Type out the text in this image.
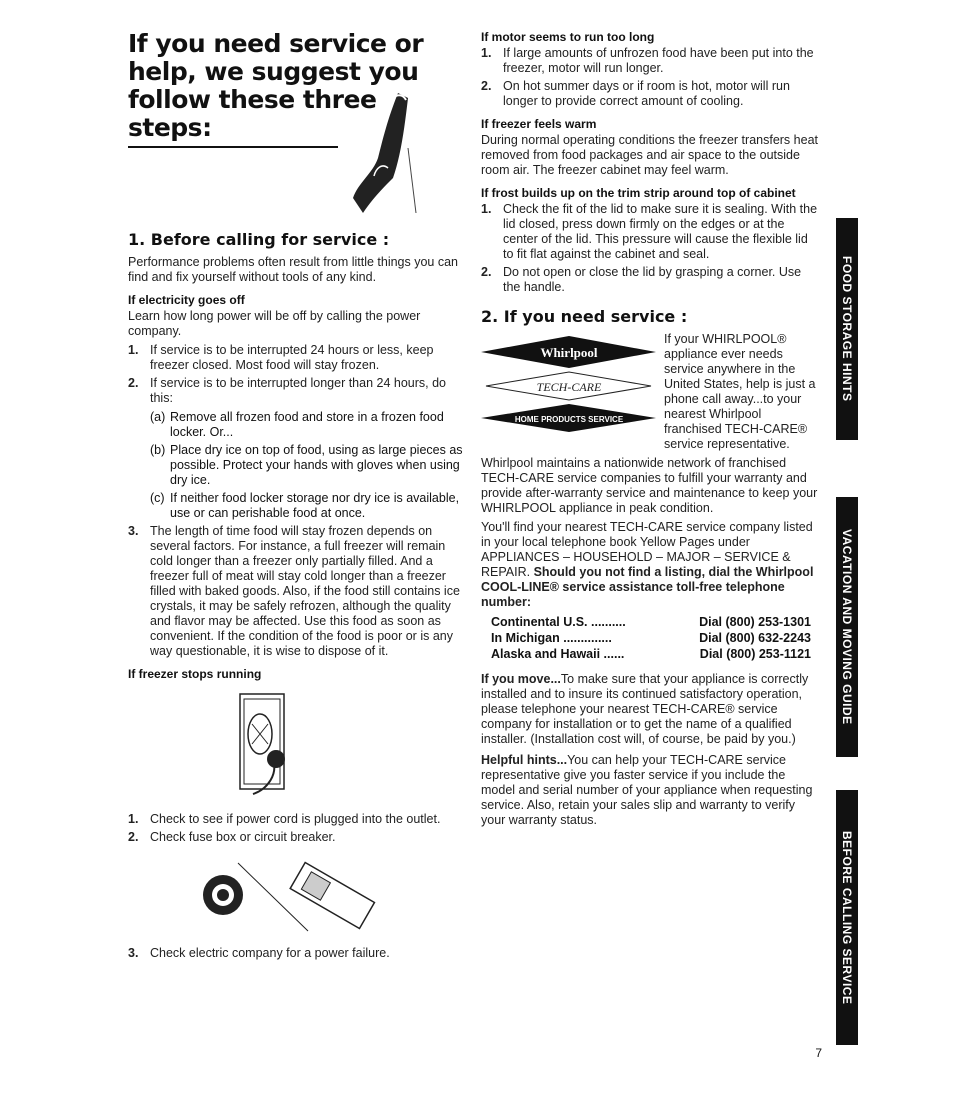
If you need service or help, we suggest you follow these three steps:
1. Before calling for service :

Performance problems often result from little things you can find and fix yourself without tools of any kind.

If electricity goes off

Learn how long power will be off by calling the power company.

1. If service is to be interrupted 24 hours or less, keep freezer closed. Most food will stay frozen.
2. If service is to be interrupted longer than 24 hours, do this:
(a) Remove all frozen food and store in a frozen food locker. Or...
(b) Place dry ice on top of food, using as large pieces as possible. Protect your hands with gloves when using dry ice.
(c) If neither food locker storage nor dry ice is available, use or can perishable food at once.
3. The length of time food will stay frozen depends on several factors. For instance, a full freezer will remain cold longer than a freezer only partially filled. And a freezer full of meat will stay cold longer than a freezer filled with baked goods. Also, if the food still contains ice crystals, it may be safely refrozen, although the quality and flavor may be affected. Use this food as soon as convenient. If the condition of the food is poor or is any way questionable, it is wise to dispose of it.
If freezer stops running
1. Check to see if power cord is plugged into the outlet.
2. Check fuse box or circuit breaker.
3. Check electric company for a power failure.
If motor seems to run too long
1. If large amounts of unfrozen food have been put into the freezer, motor will run longer.
2. On hot summer days or if room is hot, motor will run longer to provide correct amount of cooling.
If freezer feels warm

During normal operating conditions the freezer transfers heat removed from food packages and air space to the outside room air. The freezer cabinet may feel warm.

If frost builds up on the trim strip around top of cabinet
1. Check the fit of the lid to make sure it is sealing. With the lid closed, press down firmly on the edges or at the center of the lid. This pressure will cause the flexible lid to fit flat against the cabinet and seal.
2. Do not open or close the lid by grasping a corner. Use the handle.
2. If you need service :
Whirlpool
TECH-CARE
HOME PRODUCTS SERVICE

If your WHIRLPOOL® appliance ever needs service anywhere in the United States, help is just a phone call away...to your nearest Whirlpool franchised TECH-CARE® service representative.

Whirlpool maintains a nationwide network of franchised TECH-CARE service companies to fulfill your warranty and provide after-warranty service and maintenance to keep your WHIRLPOOL appliance in peak condition.

You'll find your nearest TECH-CARE service company listed in your local telephone book Yellow Pages under APPLIANCES – HOUSEHOLD – MAJOR – SERVICE & REPAIR. Should you not find a listing, dial the Whirlpool COOL-LINE® service assistance toll-free telephone number:

Continental U.S. ..........	Dial (800) 253-1301
In Michigan ..............	Dial (800) 632-2243
Alaska and Hawaii ......	Dial (800) 253-1121

If you move...To make sure that your appliance is correctly installed and to insure its continued satisfactory operation, please telephone your nearest TECH-CARE® service company for installation or to get the name of a qualified installer. (Installation cost will, of course, be paid by you.)

Helpful hints...You can help your TECH-CARE service representative give you faster service if you include the model and serial number of your appliance when requesting service. Also, retain your sales slip and warranty to verify your warranty status.

FOOD STORAGE HINTS
VACATION AND MOVING GUIDE
BEFORE CALLING SERVICE
7
